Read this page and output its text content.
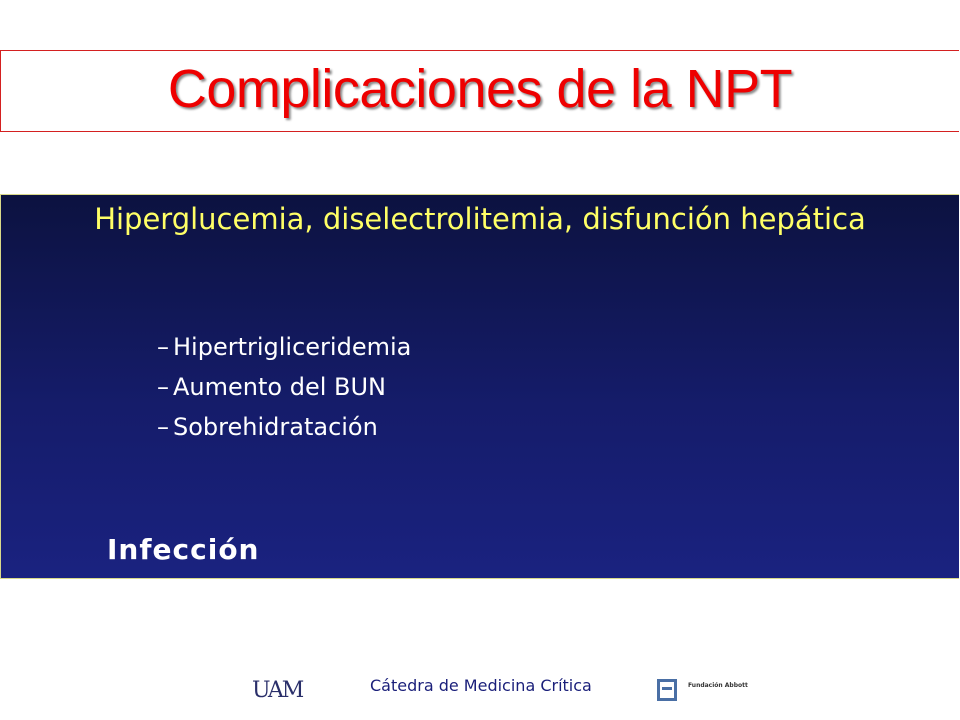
Complicaciones de la NPT
Hiperglucemia, diselectrolitemia, disfunción hepática
– Hipertrigliceridemia
– Aumento del BUN
– Sobrehidratación
Infección
UAM	Cátedra de Medicina Crítica	Fundación Abbott
